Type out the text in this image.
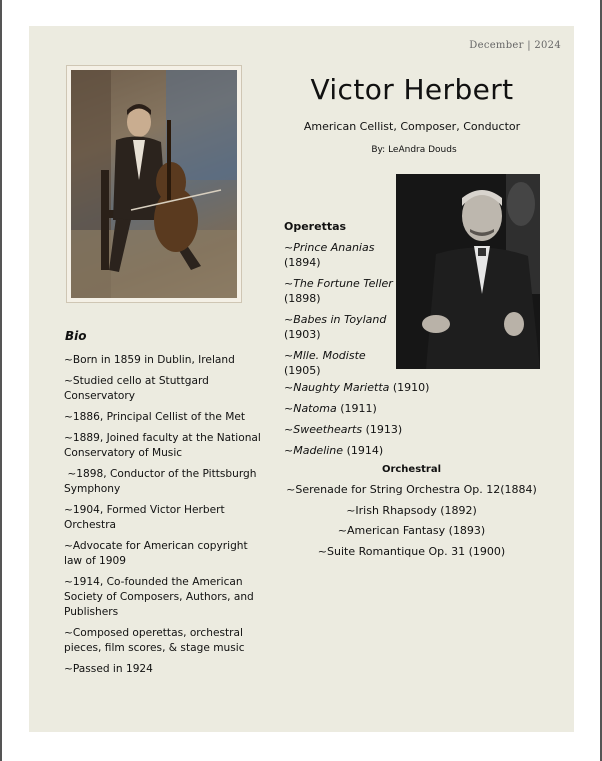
December | 2024
Victor Herbert
American Cellist, Composer, Conductor
By: LeAndra Douds
Bio
~Born in 1859 in Dublin, Ireland
~Studied cello at Stuttgard Conservatory
~1886, Principal Cellist of the Met
~1889, Joined faculty at the National Conservatory of Music
~1898, Conductor of the Pittsburgh Symphony
~1904, Formed Victor Herbert Orchestra
~Advocate for American copyright law of 1909
~1914, Co-founded the American Society of Composers, Authors, and Publishers
~Composed operettas, orchestral pieces, film scores, & stage music
~Passed in 1924
Operettas
~Prince Ananias
(1894)
~The Fortune Teller (1898)
~Babes in Toyland
(1903)
~Mlle. Modiste
(1905)
~Naughty Marietta (1910)
~Natoma (1911)
~Sweethearts (1913)
~Madeline (1914)
Orchestral
~Serenade for String Orchestra Op. 12(1884)
~Irish Rhapsody (1892)
~American Fantasy (1893)
~Suite Romantique Op. 31 (1900)
